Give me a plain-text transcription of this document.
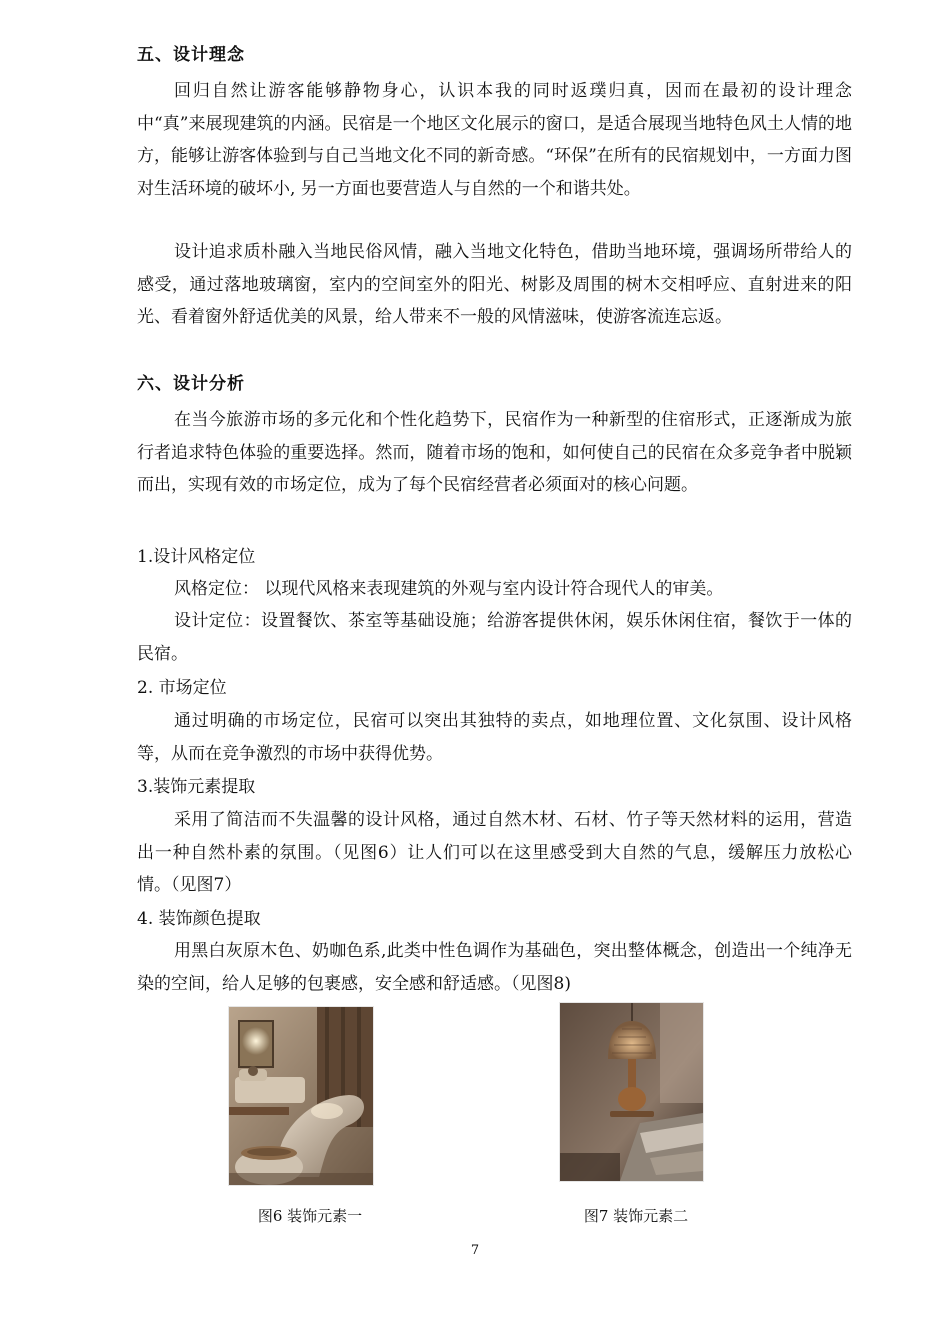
五、设计理念

回归自然让游客能够静物身心，认识本我的同时返璞归真，因而在最初的设计理念中“真”来展现建筑的内涵。民宿是一个地区文化展示的窗口，是适合展现当地特色风土人情的地方，能够让游客体验到与自己当地文化不同的新奇感。“环保”在所有的民宿规划中，一方面力图对生活环境的破坏小, 另一方面也要营造人与自然的一个和谐共处。

设计追求质朴融入当地民俗风情，融入当地文化特色，借助当地环境，强调场所带给人的感受，通过落地玻璃窗，室内的空间室外的阳光、树影及周围的树木交相呼应、直射进来的阳光、看着窗外舒适优美的风景，给人带来不一般的风情滋味，使游客流连忘返。

六、设计分析

在当今旅游市场的多元化和个性化趋势下，民宿作为一种新型的住宿形式，正逐渐成为旅行者追求特色体验的重要选择。然而，随着市场的饱和，如何使自己的民宿在众多竞争者中脱颖而出，实现有效的市场定位，成为了每个民宿经营者必须面对的核心问题。

1.设计风格定位

风格定位： 以现代风格来表现建筑的外观与室内设计符合现代人的审美。

设计定位：设置餐饮、茶室等基础设施；给游客提供休闲，娱乐休闲住宿，餐饮于一体的民宿。

2. 市场定位

通过明确的市场定位，民宿可以突出其独特的卖点，如地理位置、文化氛围、设计风格等，从而在竞争激烈的市场中获得优势。

3.装饰元素提取

采用了简洁而不失温馨的设计风格，通过自然木材、石材、竹子等天然材料的运用，营造出一种自然朴素的氛围。（见图6）让人们可以在这里感受到大自然的气息，缓解压力放松心情。（见图7）

4. 装饰颜色提取

用黑白灰原木色、奶咖色系,此类中性色调作为基础色，突出整体概念，创造出一个纯净无染的空间，给人足够的包裹感，安全感和舒适感。（见图8)

图6 装饰元素一	图7 装饰元素二
7
